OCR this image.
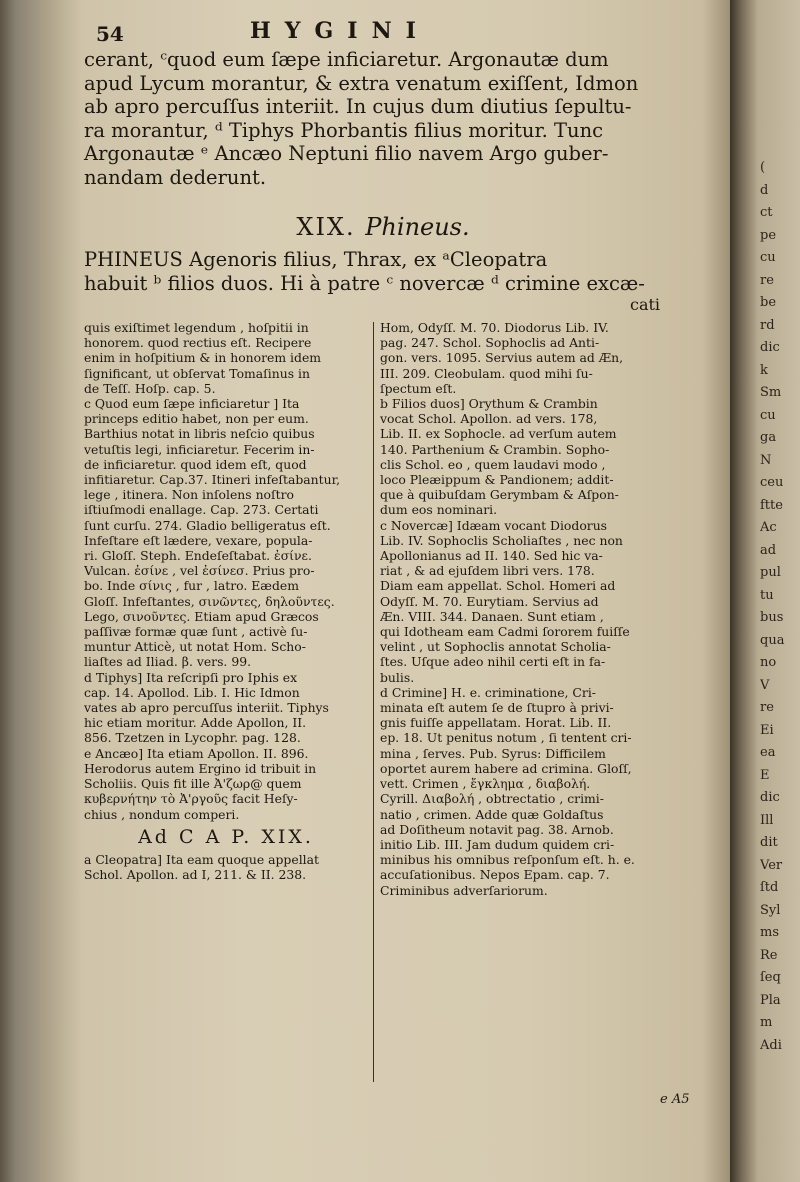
54	HYGINI
cerant, ᶜquod eum ſæpe inficiaretur. Argonautæ dum
apud Lycum morantur, & extra venatum exiſſent, Idmon
ab apro percuſſus interiit. In cujus dum diutius ſepultu-
ra morantur, ᵈ Tiphys Phorbantis filius moritur. Tunc
Argonautæ ᵉ Ancæo Neptuni filio navem Argo guber-
nandam dederunt.
XIX. Phineus.
PHINEUS Agenoris filius, Thrax, ex ᵃCleopatra
habuit ᵇ filios duos. Hi à patre ᶜ novercæ ᵈ crimine excæ-
cati
quis exiſtimet legendum , hoſpitii in
honorem. quod rectius eſt. Recipere
enim in hoſpitium & in honorem idem
ſignificant, ut obſervat Tomaſinus in
de Teſſ. Hoſp. cap. 5.
c Quod eum ſæpe inficiaretur ] Ita
princeps editio habet, non per eum.
Barthius notat in libris neſcio quibus
vetuſtis legi, inficiaretur. Fecerim in-
de inficiaretur. quod idem eſt, quod
infitiaretur. Cap.37. Itineri infeſtabantur,
lege , itinera. Non inſolens noſtro
iſtiuſmodi enallage. Cap. 273. Certati
ſunt curſu. 274. Gladio belligeratus eſt.
Infeſtare eſt lædere, vexare, popula-
ri. Gloſſ. Steph. Endeſeſtabat. ἐσίνε.
Vulcan. ἐσίνε , vel ἐσίνεσ. Prius pro-
bo. Inde σίνις , fur , latro. Eædem
Gloſſ. Infeſtantes, σινῶντες, δηλοῦντες.
Lego, σινοῦντες. Etiam apud Græcos
paſſivæ formæ quæ ſunt , activè ſu-
muntur Atticè, ut notat Hom. Scho-
liaſtes ad Iliad. β. vers. 99.
d Tiphys] Ita reſcripſi pro Iphis ex
cap. 14. Apollod. Lib. I. Hic Idmon
vates ab apro percuſſus interiit. Tiphys
hic etiam moritur. Adde Apollon, II.
856. Tzetzen in Lycophr. pag. 128.
e Ancæo] Ita etiam Apollon. II. 896.
Herodorus autem Ergino id tribuit in
Scholiis. Quis fit ille Ἀ'ζωρ@ quem
κυβερνήτην τὸ Ἀ'ργοῦς facit Heſy-
chius , nondum comperi.
Ad C A P. XIX.
a Cleopatra] Ita eam quoque appellat
Schol. Apollon. ad I, 211. & II. 238.
Hom, Odyſſ. M. 70. Diodorus Lib. IV.
pag. 247. Schol. Sophoclis ad Anti-
gon. vers. 1095. Servius autem ad Æn,
III. 209. Cleobulam. quod mihi ſu-
ſpectum eſt.
b Filios duos] Orythum & Crambin
vocat Schol. Apollon. ad vers. 178,
Lib. II. ex Sophocle. ad verſum autem
140. Parthenium & Crambin. Sopho-
clis Schol. eo , quem laudavi modo ,
loco Pleæippum & Pandionem; addit-
que à quibuſdam Gerymbam & Aſpon-
dum eos nominari.
c Novercæ] Idæam vocant Diodorus
Lib. IV. Sophoclis Scholiaſtes , nec non
Apollonianus ad II. 140. Sed hic va-
riat , & ad ejuſdem libri vers. 178.
Diam eam appellat. Schol. Homeri ad
Odyſſ. M. 70. Eurytiam. Servius ad
Æn. VIII. 344. Danaen. Sunt etiam ,
qui Idotheam eam Cadmi ſororem fuiſſe
velint , ut Sophoclis annotat Scholia-
ſtes. Uſque adeo nihil certi eſt in fa-
bulis.
d Crimine] H. e. criminatione, Cri-
minata eſt autem ſe de ſtupro à privi-
gnis fuiſſe appellatam. Horat. Lib. II.
ep. 18. Ut penitus notum , ſi tentent cri-
mina , ſerves. Pub. Syrus: Difficilem
oportet aurem habere ad crimina. Gloſſ,
vett. Crimen , ἔγκλημα , διαβολή.
Cyrill. Διαβολή , obtrectatio , crimi-
natio , crimen. Adde quæ Goldaſtus
ad Doſitheum notavit pag. 38. Arnob.
initio Lib. III. Jam dudum quidem cri-
minibus his omnibus reſponſum eſt. h. e.
accuſationibus. Nepos Epam. cap. 7.
Criminibus adverſariorum.
e A5
(
d
ct
pe
cu
re
be
rd
dic
k
Sm
cu
ga
N
ceu
ftte
Ac
ad
pul
tu
bus
qua
no
V
re
Ei
ea
E
dic
Ill
dit
Ver
ſtd
Syl
ms
Re
ſeq
Pla
m
Adi
